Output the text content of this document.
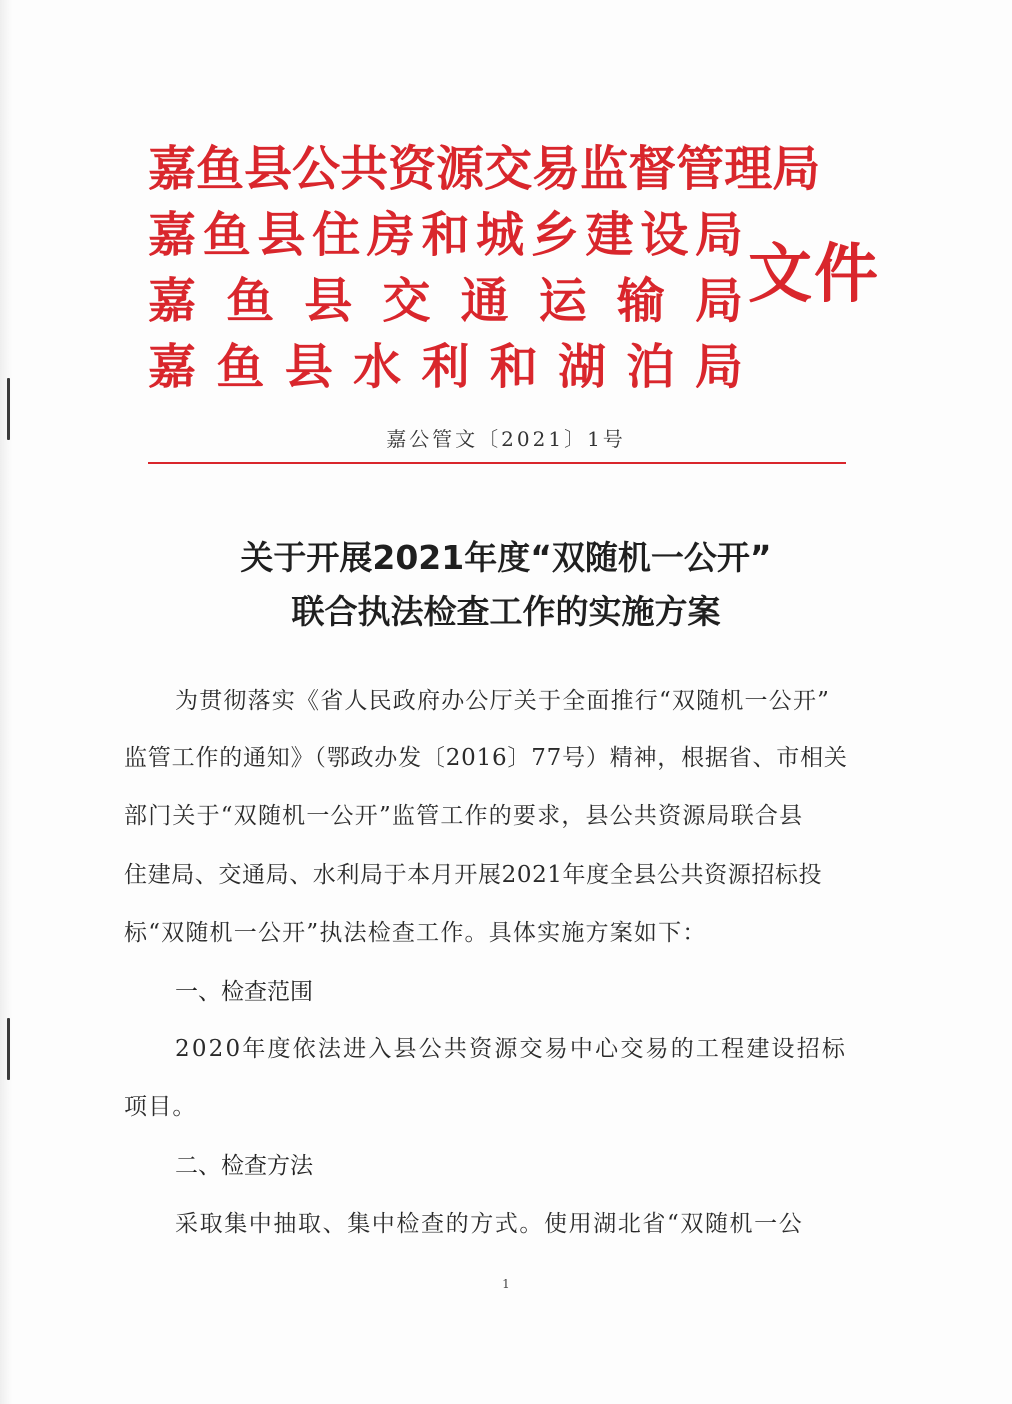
嘉 鱼 县 公 共 资 源 交 易 监 督 管 理 局
嘉 鱼 县 住 房 和 城 乡 建 设 局
嘉 鱼 县 交 通 运 输 局
嘉 鱼 县 水 利 和 湖 泊 局
文件
嘉公管文〔2021〕1号
关于开展2021年度“双随机一公开”
联合执法检查工作的实施方案
为贯彻落实《省人民政府办公厅关于全面推行“双随机一公开”
监管工作的通知》（鄂政办发〔2016〕77号）精神，根据省、市相关
部门关于“双随机一公开”监管工作的要求，县公共资源局联合县
住建局、交通局、水利局于本月开展2021年度全县公共资源招标投
标“双随机一公开”执法检查工作。具体实施方案如下：
一、检查范围
2020年度依法进入县公共资源交易中心交易的工程建设招标
项目。
二、检查方法
采取集中抽取、集中检查的方式。使用湖北省“双随机一公
1
